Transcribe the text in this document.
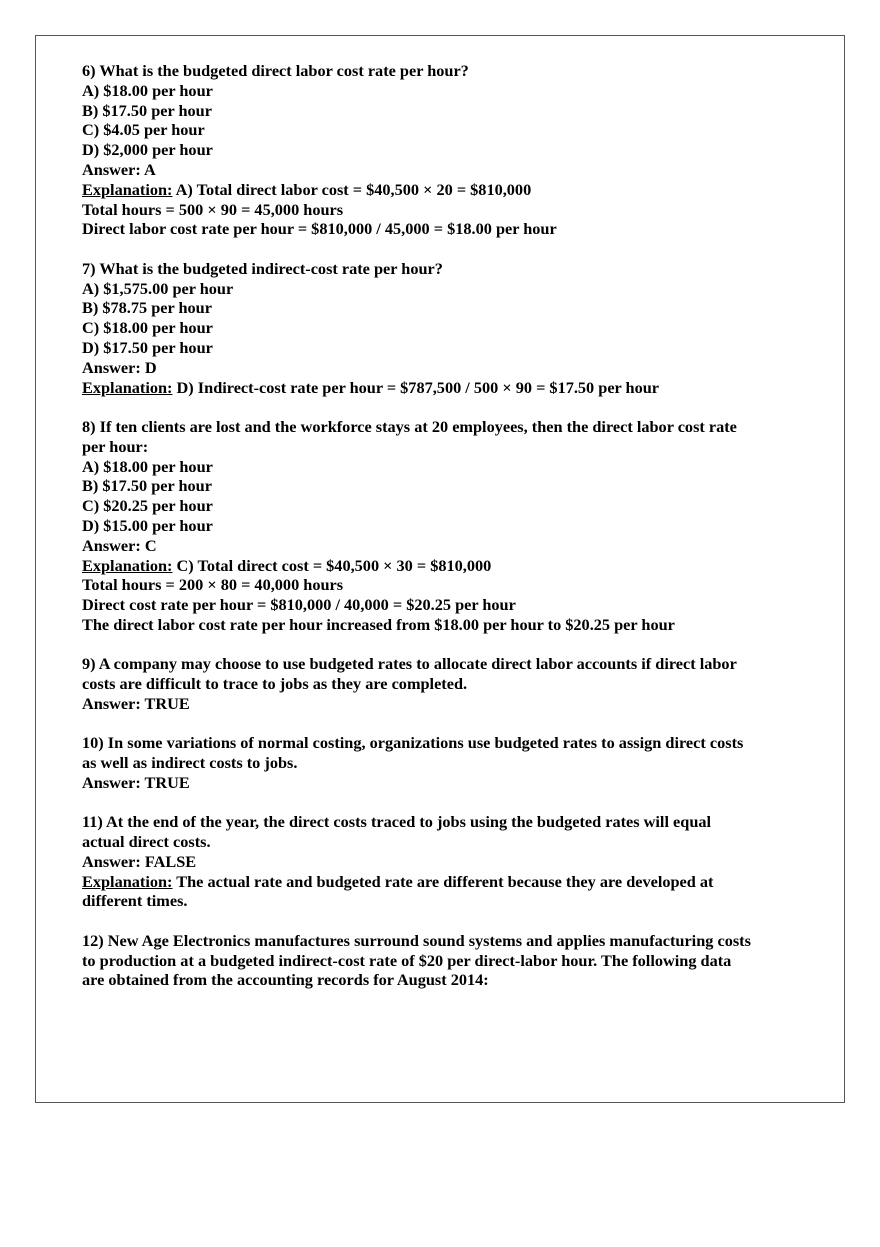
6) What is the budgeted direct labor cost rate per hour?
A) $18.00 per hour
B) $17.50 per hour
C) $4.05 per hour
D) $2,000 per hour
Answer: A
Explanation: A) Total direct labor cost = $40,500 × 20 = $810,000
Total hours = 500 × 90 = 45,000 hours
Direct labor cost rate per hour = $810,000 / 45,000 = $18.00 per hour
7) What is the budgeted indirect-cost rate per hour?
A) $1,575.00 per hour
B) $78.75 per hour
C) $18.00 per hour
D) $17.50 per hour
Answer: D
Explanation: D) Indirect-cost rate per hour = $787,500 / 500 × 90 = $17.50 per hour
8) If ten clients are lost and the workforce stays at 20 employees, then the direct labor cost rate
per hour:
A) $18.00 per hour
B) $17.50 per hour
C) $20.25 per hour
D) $15.00 per hour
Answer: C
Explanation: C) Total direct cost = $40,500 × 30 = $810,000
Total hours = 200 × 80 = 40,000 hours
Direct cost rate per hour = $810,000 / 40,000 = $20.25 per hour
The direct labor cost rate per hour increased from $18.00 per hour to $20.25 per hour
9) A company may choose to use budgeted rates to allocate direct labor accounts if direct labor
costs are difficult to trace to jobs as they are completed.
Answer: TRUE
10) In some variations of normal costing, organizations use budgeted rates to assign direct costs
as well as indirect costs to jobs.
Answer: TRUE
11) At the end of the year, the direct costs traced to jobs using the budgeted rates will equal
actual direct costs.
Answer: FALSE
Explanation: The actual rate and budgeted rate are different because they are developed at
different times.
12) New Age Electronics manufactures surround sound systems and applies manufacturing costs
to production at a budgeted indirect-cost rate of $20 per direct-labor hour. The following data
are obtained from the accounting records for August 2014:
